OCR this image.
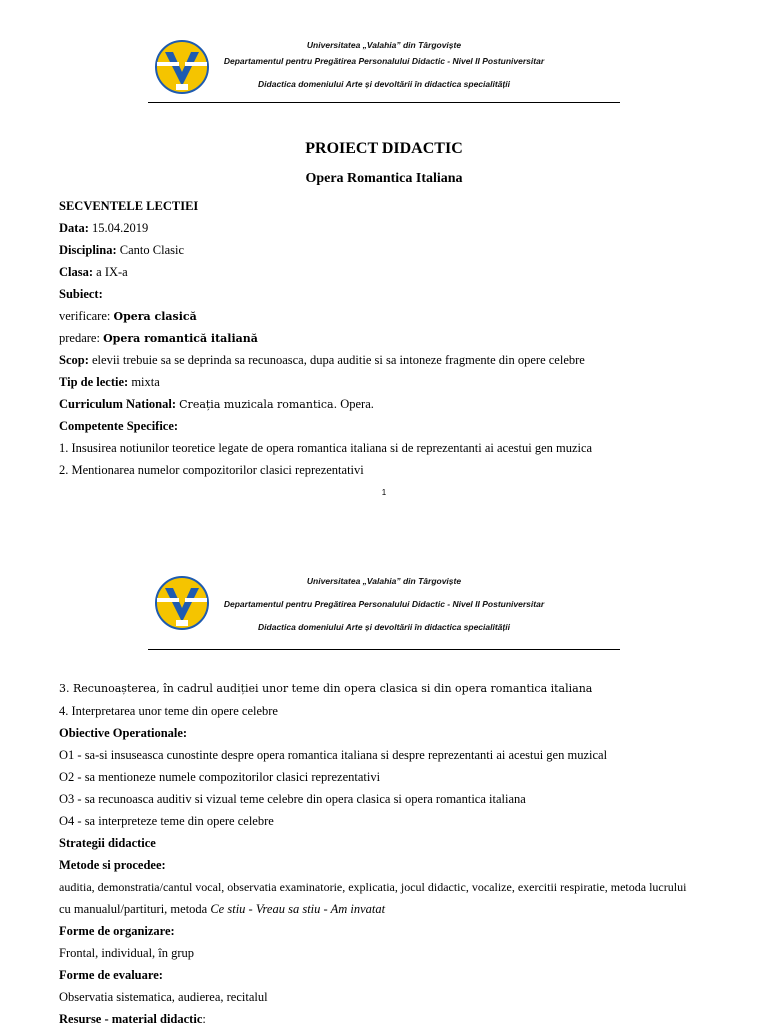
Universitatea „Valahia” din Târgoviște
Departamentul pentru Pregătirea Personalului Didactic - Nivel II Postuniversitar
Didactica domeniului Arte și devoltării în didactica specialității
PROIECT DIDACTIC
Opera Romantica Italiana
SECVENTELE LECTIEI
Data: 15.04.2019
Disciplina: Canto Clasic
Clasa: a IX-a
Subiect:
verificare: Opera clasică
predare: Opera romantică italiană
Scop: elevii trebuie sa se deprinda sa recunoasca, dupa auditie si sa intoneze fragmente din opere celebre
Tip de lectie: mixta
Curriculum National: Creația muzicala romantica. Opera.
Competente Specifice:
1. Insusirea notiunilor teoretice legate de opera romantica italiana si de reprezentanti ai acestui gen muzica
2. Mentionarea numelor compozitorilor clasici reprezentativi
1
Universitatea „Valahia” din Târgoviște
Departamentul pentru Pregătirea Personalului Didactic - Nivel II Postuniversitar
Didactica domeniului Arte și devoltării în didactica specialității
3. Recunoașterea, în cadrul audiției unor teme din opera clasica si din opera romantica italiana
4. Interpretarea unor teme din opere celebre
Obiective Operationale:
O1 - sa-si insuseasca cunostinte despre opera romantica italiana si despre reprezentanti ai acestui gen muzical
O2 - sa mentioneze numele compozitorilor clasici reprezentativi
O3 - sa recunoasca auditiv si vizual teme celebre din opera clasica si opera romantica italiana
O4 - sa interpreteze teme din opere celebre
Strategii didactice
Metode si procedee:
auditia, demonstratia/cantul vocal, observatia examinatorie, explicatia, jocul didactic, vocalize, exercitii respiratie, metoda lucrului
cu manualul/partituri, metoda Ce stiu - Vreau sa stiu - Am invatat
Forme de organizare:
Frontal, individual, în grup
Forme de evaluare:
Observatia sistematica, audierea, recitalul
Resurse - material didactic:
